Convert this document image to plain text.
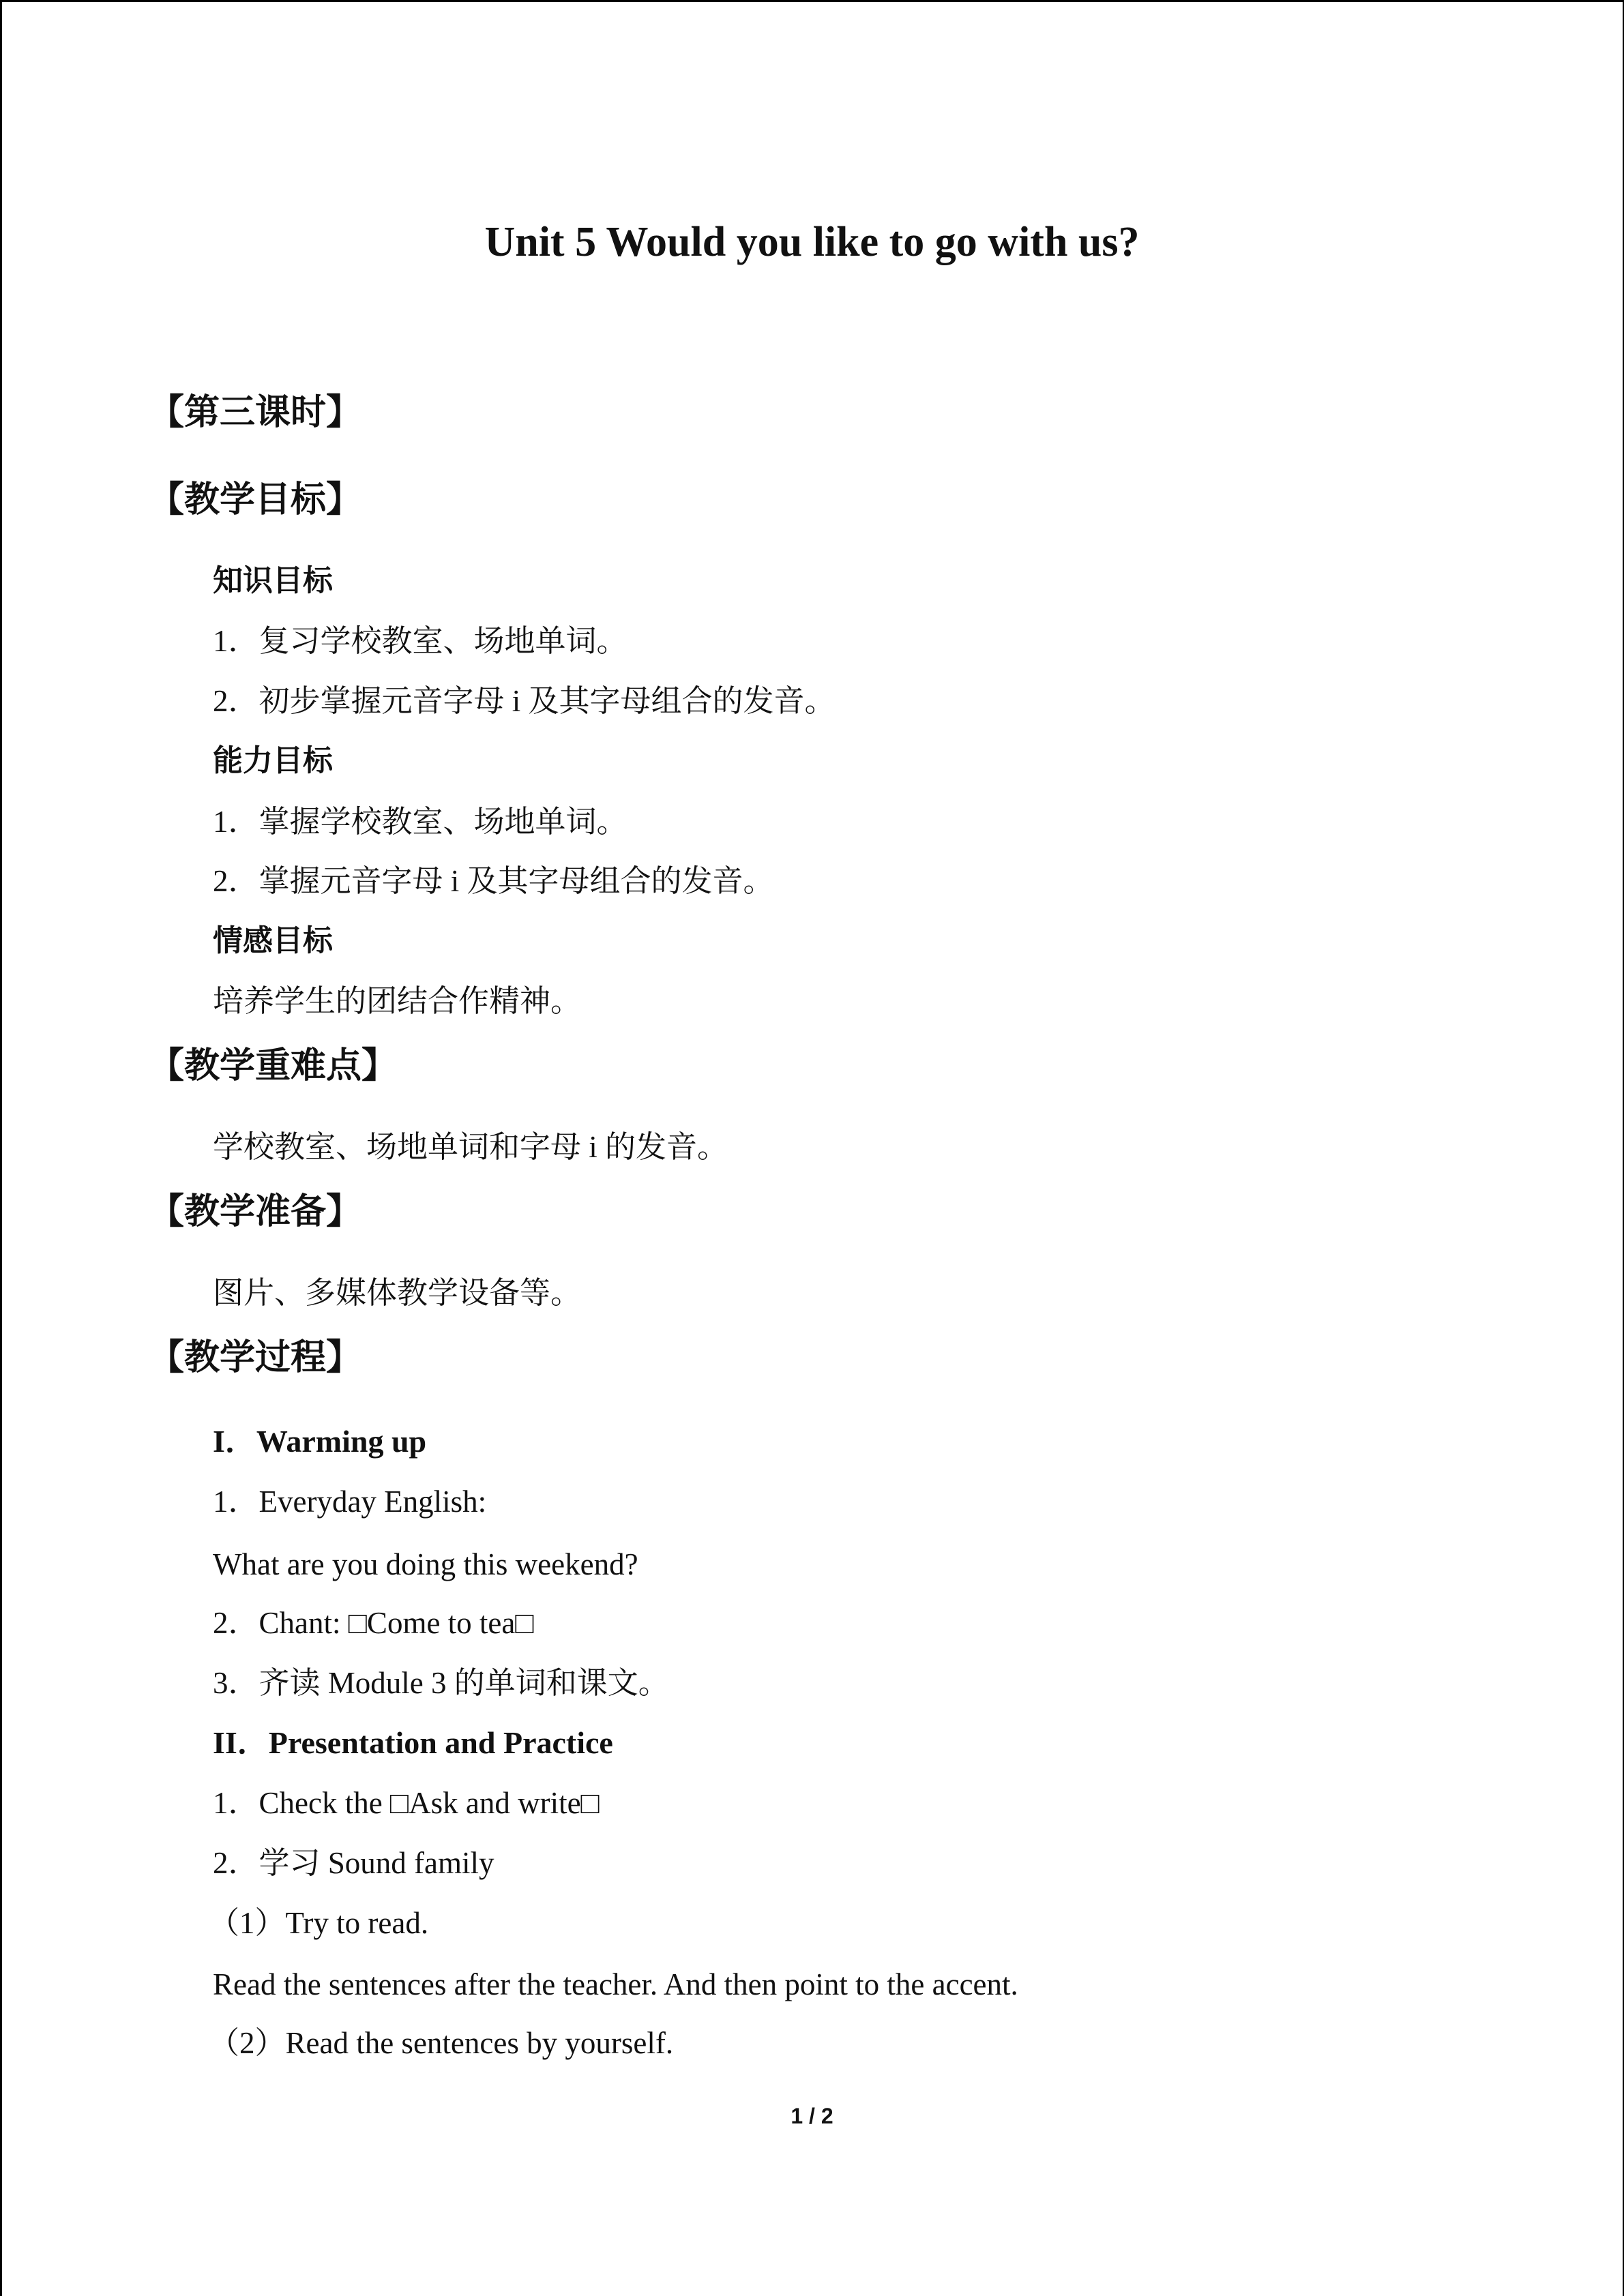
Unit 5 Would you like to go with us?
【第三课时】
【教学目标】
知识目标
1．复习学校教室、场地单词。
2．初步掌握元音字母 i 及其字母组合的发音。
能力目标
1．掌握学校教室、场地单词。
2．掌握元音字母 i 及其字母组合的发音。
情感目标
培养学生的团结合作精神。
【教学重难点】
学校教室、场地单词和字母 i 的发音。
【教学准备】
图片、多媒体教学设备等。
【教学过程】
I．Warming up
1．Everyday English:
What are you doing this weekend?
2．Chant: □Come to tea□
3．齐读 Module 3 的单词和课文。
II．Presentation and Practice
1．Check the □Ask and write□
2．学习 Sound family
（1）Try to read.
Read the sentences after the teacher. And then point to the accent.
（2）Read the sentences by yourself.
1 / 2
